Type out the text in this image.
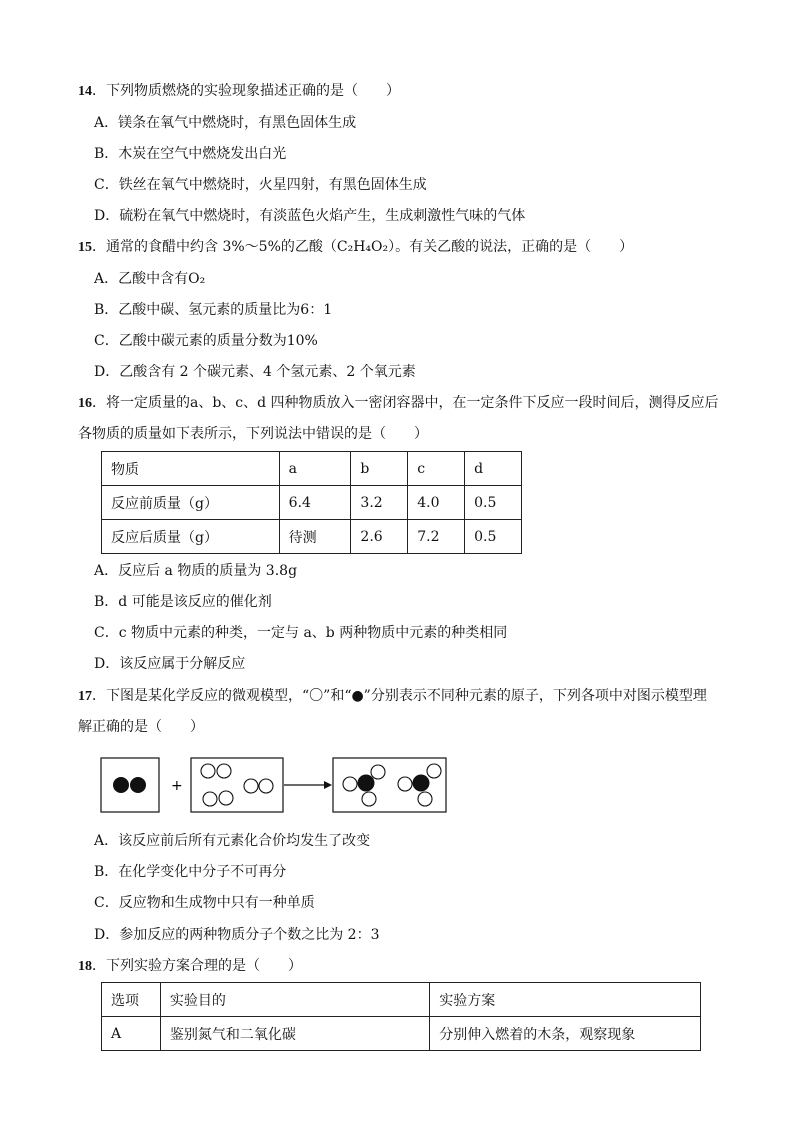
14．下列物质燃烧的实验现象描述正确的是（　　）
A．镁条在氧气中燃烧时，有黑色固体生成
B．木炭在空气中燃烧发出白光
C．铁丝在氧气中燃烧时，火星四射，有黑色固体生成
D．硫粉在氧气中燃烧时，有淡蓝色火焰产生，生成刺激性气味的气体
15．通常的食醋中约含 3%～5%的乙酸（C₂H₄O₂）。有关乙酸的说法，正确的是（　　）
A．乙酸中含有O₂
B．乙酸中碳、氢元素的质量比为6：1
C．乙酸中碳元素的质量分数为10%
D．乙酸含有 2 个碳元素、4 个氢元素、2 个氧元素
16．将一定质量的a、b、c、d 四种物质放入一密闭容器中，在一定条件下反应一段时间后，测得反应后
各物质的质量如下表所示，下列说法中错误的是（　　）
物质	a	b	c	d
反应前质量（g）	6.4	3.2	4.0	0.5
反应后质量（g）	待测	2.6	7.2	0.5
A．反应后 a 物质的质量为 3.8g
B．d 可能是该反应的催化剂
C．c 物质中元素的种类，一定与 a、b 两种物质中元素的种类相同
D．该反应属于分解反应
17．下图是某化学反应的微观模型，“〇”和“●”分别表示不同种元素的原子，下列各项中对图示模型理
解正确的是（　　）
+
A．该反应前后所有元素化合价均发生了改变
B．在化学变化中分子不可再分
C．反应物和生成物中只有一种单质
D．参加反应的两种物质分子个数之比为 2：3
18．下列实验方案合理的是（　　）
选项	实验目的	实验方案
A	鉴别氮气和二氧化碳	分别伸入燃着的木条，观察现象
